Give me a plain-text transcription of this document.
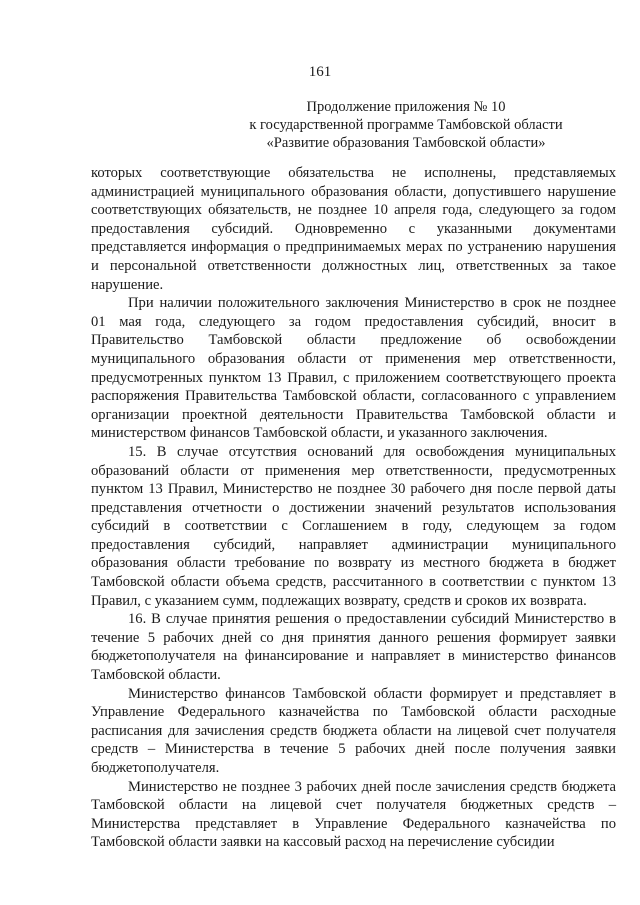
161
Продолжение приложения № 10
к государственной программе Тамбовской области
«Развитие образования Тамбовской области»

которых соответствующие обязательства не исполнены, представляемых администрацией муниципального образования области, допустившего нарушение соответствующих обязательств, не позднее 10 апреля года, следующего за годом предоставления субсидий. Одновременно с указанными документами представляется информация о предпринимаемых мерах по устранению нарушения и персональной ответственности должностных лиц, ответственных за такое нарушение.

При наличии положительного заключения Министерство в срок не позднее 01 мая года, следующего за годом предоставления субсидий, вносит в Правительство Тамбовской области предложение об освобождении муниципального образования области от применения мер ответственности, предусмотренных пунктом 13 Правил, с приложением соответствующего проекта распоряжения Правительства Тамбовской области, согласованного с управлением организации проектной деятельности Правительства Тамбовской области и министерством финансов Тамбовской области, и указанного заключения.

15. В случае отсутствия оснований для освобождения муниципальных образований области от применения мер ответственности, предусмотренных пунктом 13 Правил, Министерство не позднее 30 рабочего дня после первой даты представления отчетности о достижении значений результатов использования субсидий в соответствии с Соглашением в году, следующем за годом предоставления субсидий, направляет администрации муниципального образования области требование по возврату из местного бюджета в бюджет Тамбовской области объема средств, рассчитанного в соответствии с пунктом 13 Правил, с указанием сумм, подлежащих возврату, средств и сроков их возврата.

16. В случае принятия решения о предоставлении субсидий Министерство в течение 5 рабочих дней со дня принятия данного решения формирует заявки бюджетополучателя на финансирование и направляет в министерство финансов Тамбовской области.

Министерство финансов Тамбовской области формирует и представляет в Управление Федерального казначейства по Тамбовской области расходные расписания для зачисления средств бюджета области на лицевой счет получателя средств – Министерства в течение 5 рабочих дней после получения заявки бюджетополучателя.

Министерство не позднее 3 рабочих дней после зачисления средств бюджета Тамбовской области на лицевой счет получателя бюджетных средств – Министерства представляет в Управление Федерального казначейства по Тамбовской области заявки на кассовый расход на перечисление субсидии
